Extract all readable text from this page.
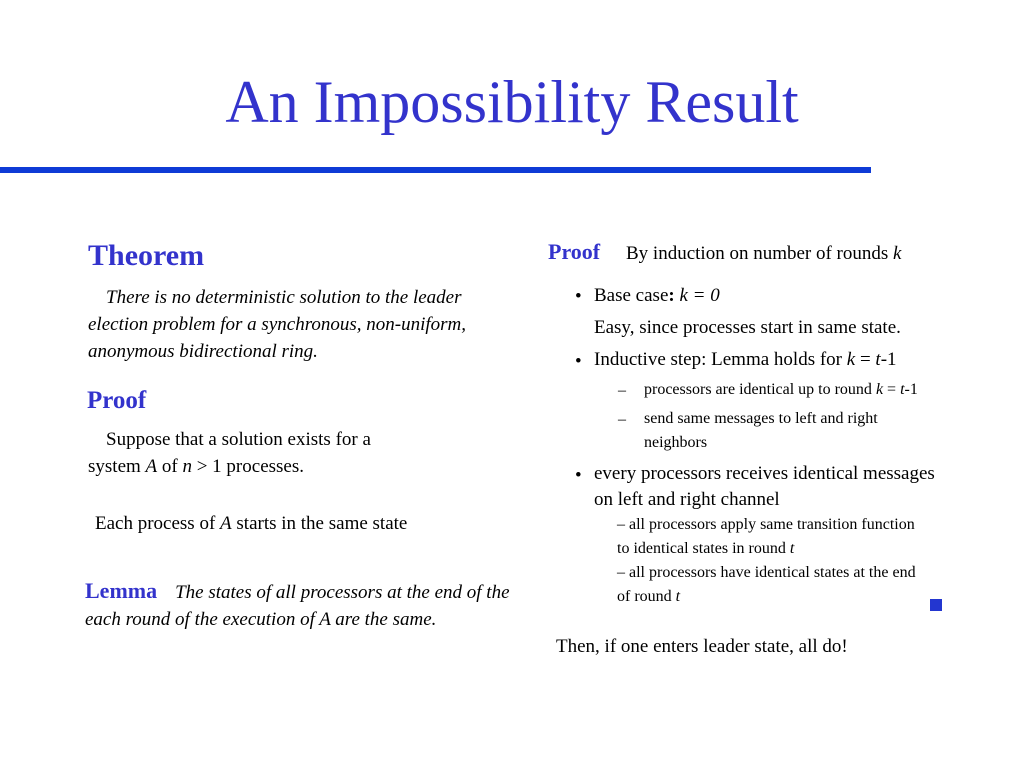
An Impossibility Result
Theorem
There is no deterministic solution to the leader election problem for a synchronous, non-uniform, anonymous bidirectional ring.
Proof
Suppose that a solution exists for a
system A of n > 1 processes.
Each process of A starts in the same state
Lemma The states of all processors at the end of the each round of the execution of A are the same.
Proof By induction on number of rounds k
• Base case: k = 0
Easy, since processes start in same state.
• Inductive step: Lemma holds for k = t-1
– processors are identical up to round k = t-1
– send same messages to left and right
neighbors
• every processors receives identical messages
on left and right channel
– all processors apply same transition function
to identical states in round t
– all processors have identical states at the end
of round t
Then, if one enters leader state, all do!
